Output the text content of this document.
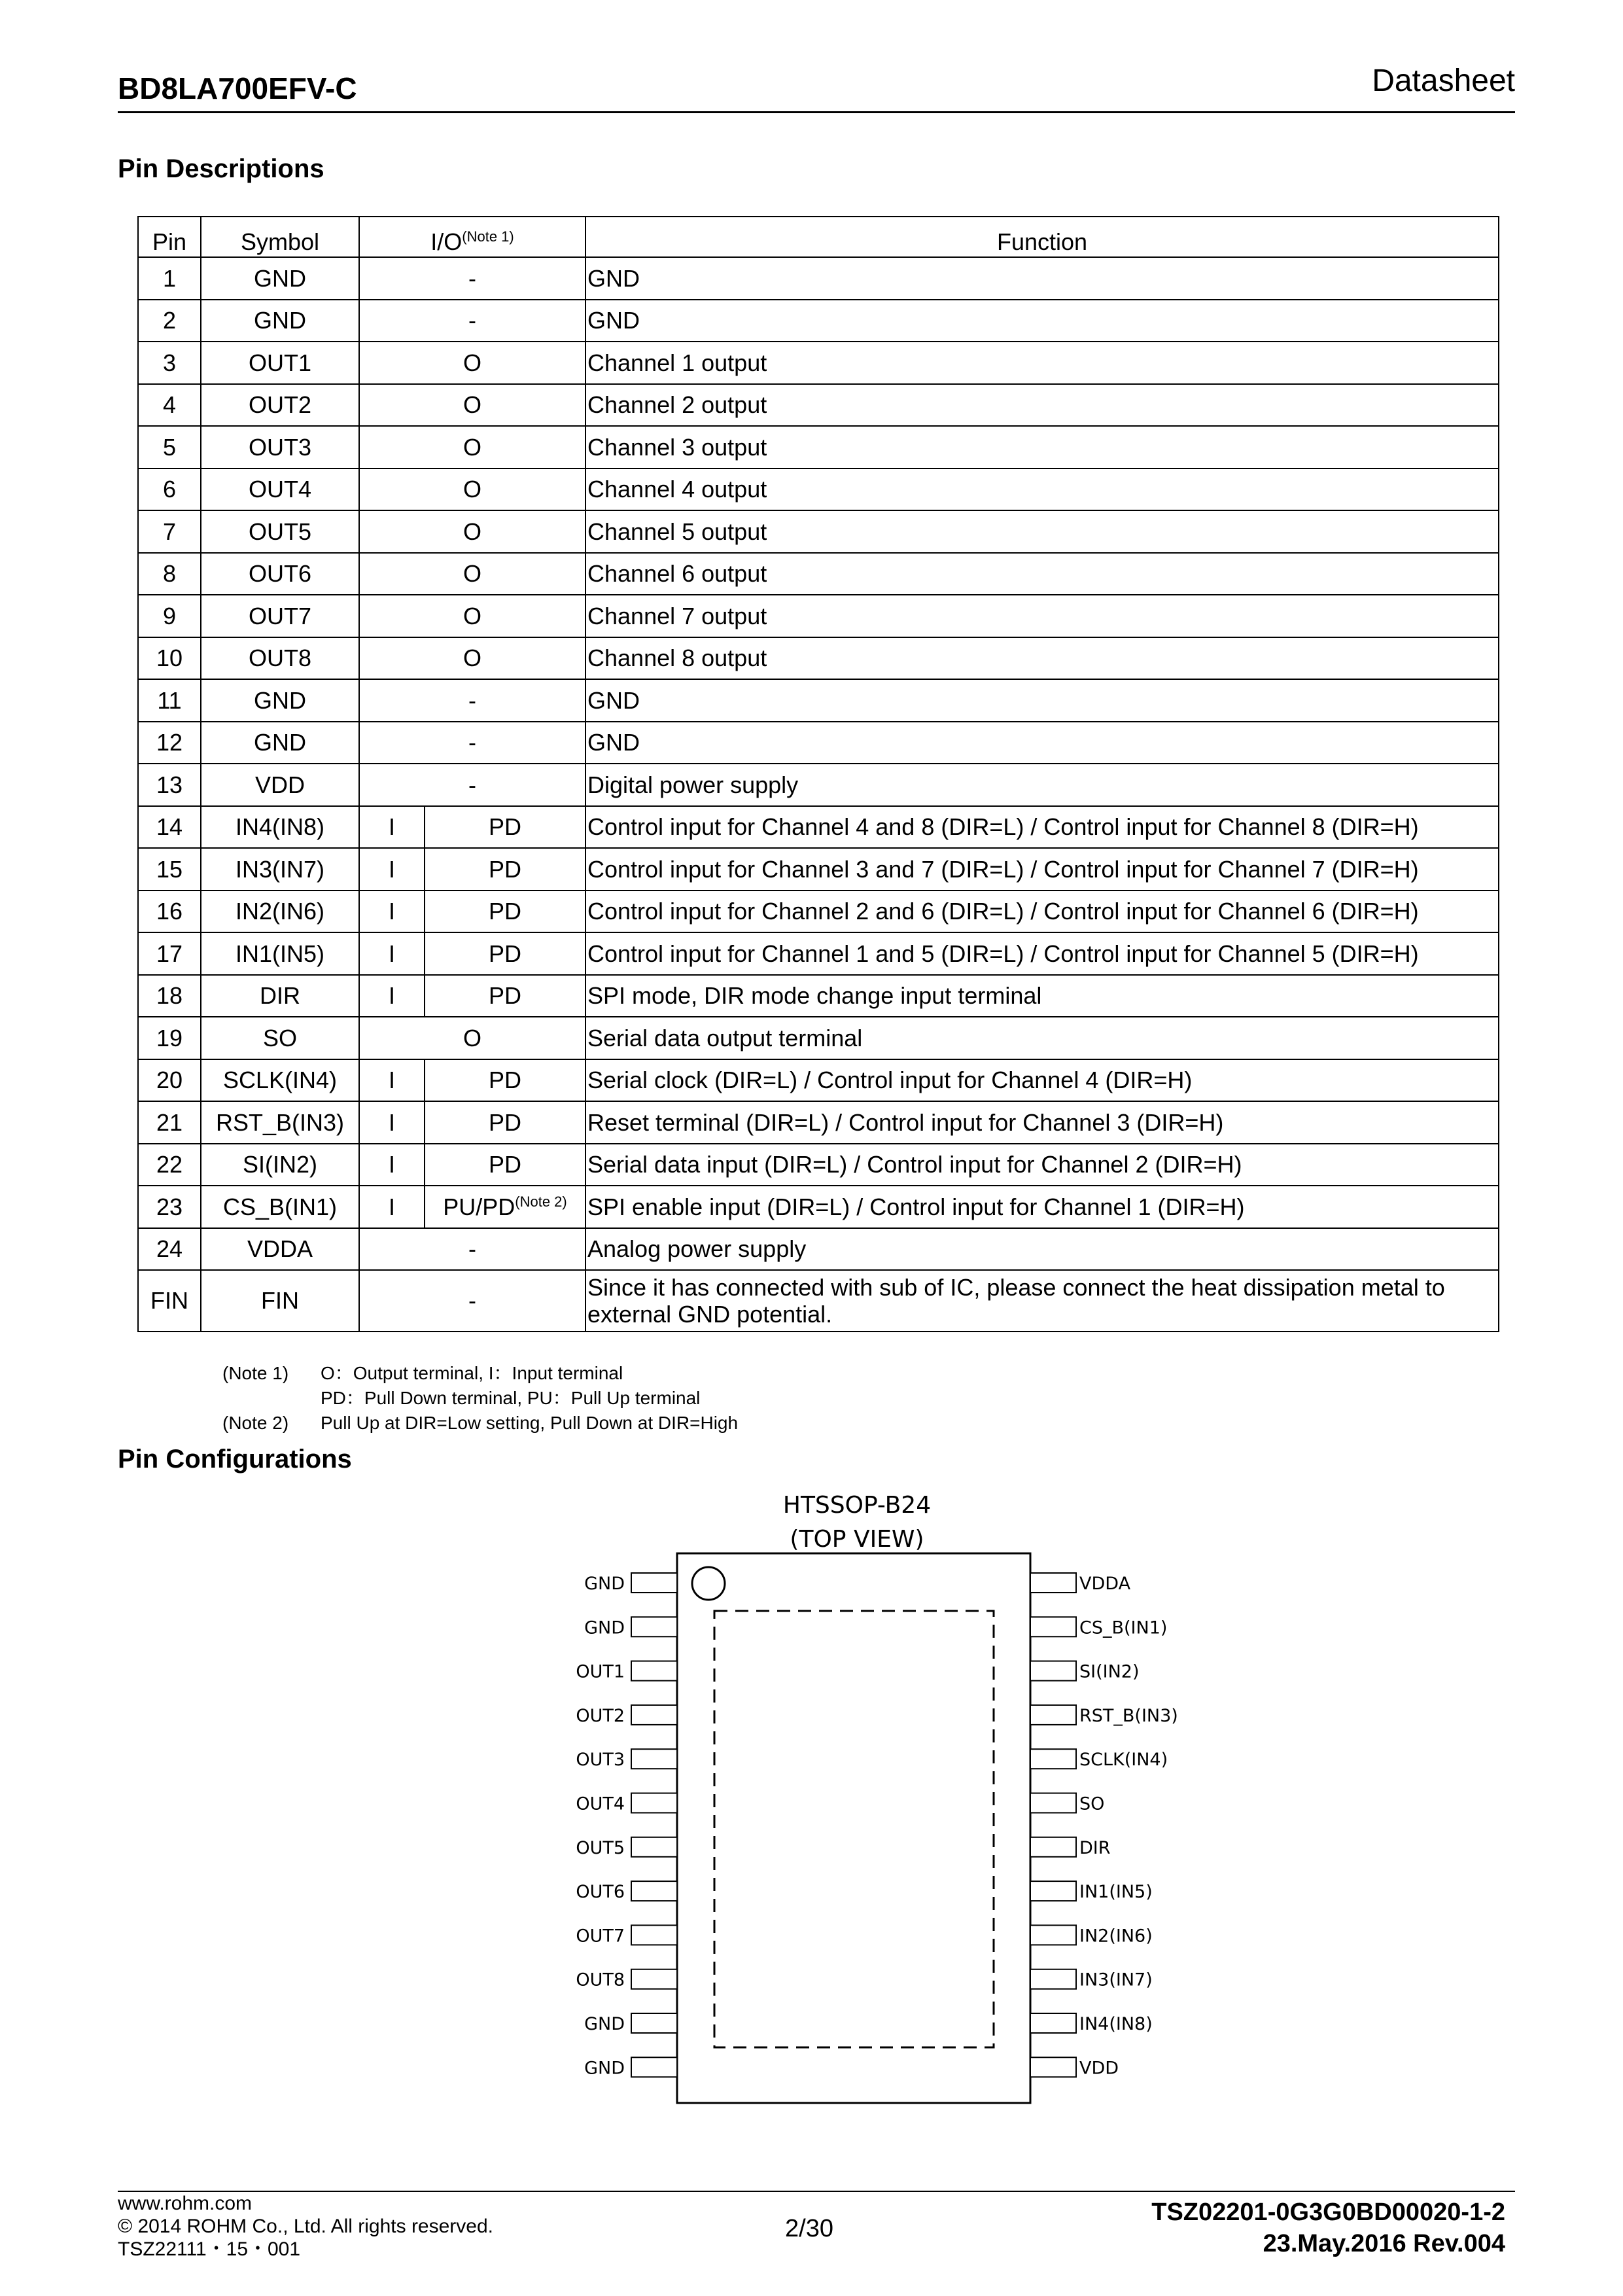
BD8LA700EFV-C	Datasheet
Pin Descriptions
Pin	Symbol	I/O$^{(Note 1)}$		Function
1	GND	-		GND
2	GND	-		GND
3	OUT1	O		Channel 1 output
4	OUT2	O		Channel 2 output
5	OUT3	O		Channel 3 output
6	OUT4	O		Channel 4 output
7	OUT5	O		Channel 5 output
8	OUT6	O		Channel 6 output
9	OUT7	O		Channel 7 output
10	OUT8	O		Channel 8 output
11	GND	-		GND
12	GND	-		GND
13	VDD	-		Digital power supply
14	IN4(IN8)	I	PD	Control input for Channel 4 and 8 (DIR=L) / Control input for Channel 8 (DIR=H)
15	IN3(IN7)	I	PD	Control input for Channel 3 and 7 (DIR=L) / Control input for Channel 7 (DIR=H)
16	IN2(IN6)	I	PD	Control input for Channel 2 and 6 (DIR=L) / Control input for Channel 6 (DIR=H)
17	IN1(IN5)	I	PD	Control input for Channel 1 and 5 (DIR=L) / Control input for Channel 5 (DIR=H)
18	DIR	I	PD	SPI mode, DIR mode change input terminal
19	SO	O		Serial data output terminal
20	SCLK(IN4)	I	PD	Serial clock (DIR=L) / Control input for Channel 4 (DIR=H)
21	RST_B(IN3)	I	PD	Reset terminal (DIR=L) / Control input for Channel 3 (DIR=H)
22	SI(IN2)	I	PD	Serial data input (DIR=L) / Control input for Channel 2 (DIR=H)
23	CS_B(IN1)	I	PU/PD$^{(Note 2)}$	SPI enable input (DIR=L) / Control input for Channel 1 (DIR=H)
24	VDDA	-		Analog power supply
FIN	FIN	-		Since it has connected with sub of IC, please connect the heat dissipation metal to external GND potential.
(Note 1)	O：Output terminal, I：Input terminal
PD：Pull Down terminal, PU：Pull Up terminal
(Note 2)	Pull Up at DIR=Low setting, Pull Down at DIR=High
Pin Configurations
HTSSOP-B24
(TOP VIEW)
GND
GND
OUT1
OUT2
OUT3
OUT4
OUT5
OUT6
OUT7
OUT8
GND
GND
VDDA
CS_B(IN1)
SI(IN2)
RST_B(IN3)
SCLK(IN4)
SO
DIR
IN1(IN5)
IN2(IN6)
IN3(IN7)
IN4(IN8)
VDD
www.rohm.com
© 2014 ROHM Co., Ltd. All rights reserved.
TSZ22111・15・001
2/30
TSZ02201-0G3G0BD00020-1-2
23.May.2016 Rev.004
